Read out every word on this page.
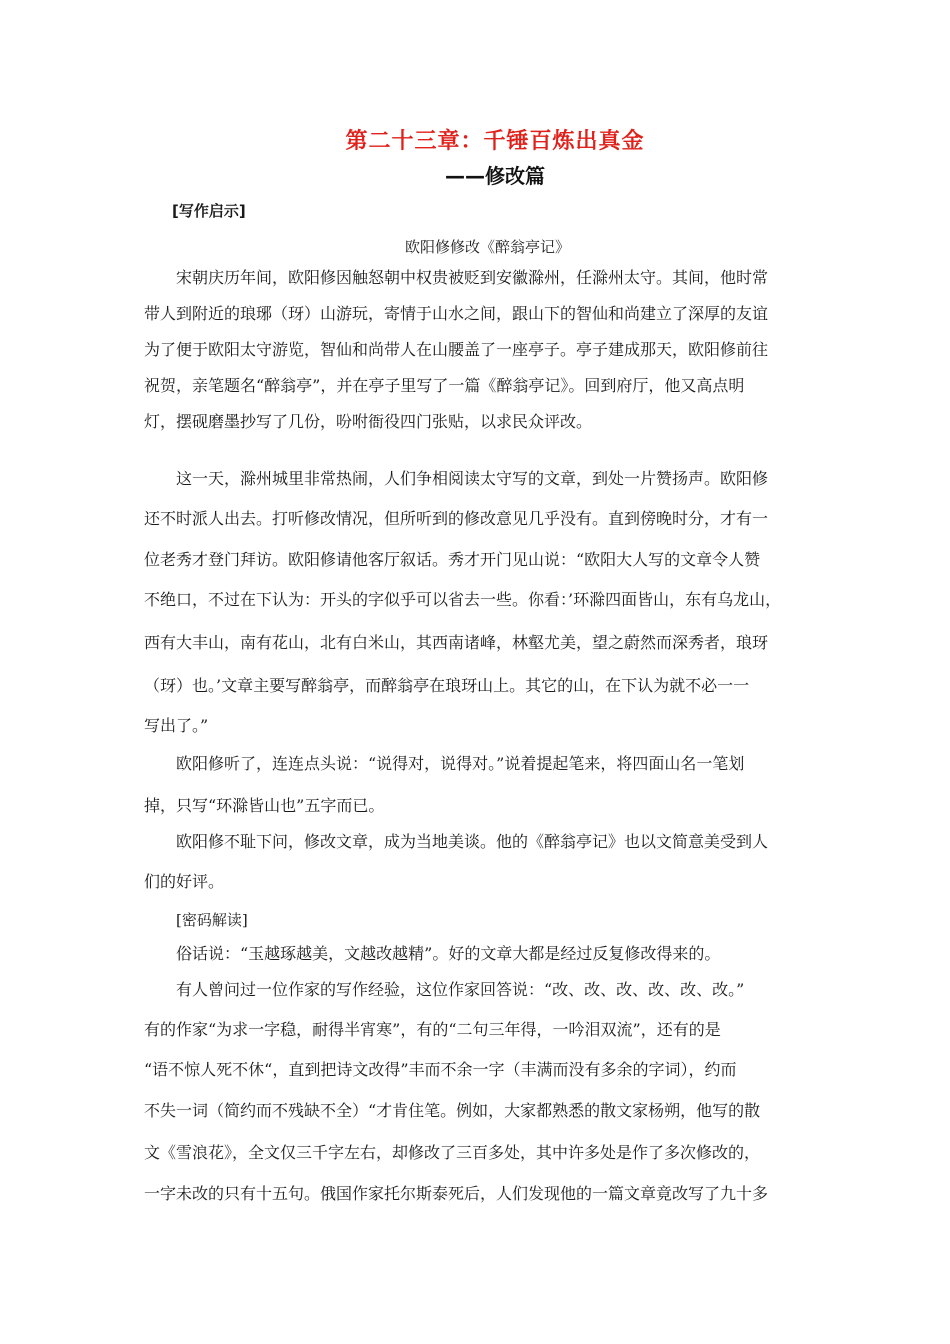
第二十三章：千锤百炼出真金
——修改篇
[写作启示]
欧阳修修改《醉翁亭记》
宋朝庆历年间，欧阳修因触怒朝中权贵被贬到安徽滁州，任滁州太守。其间，他时常
带人到附近的琅琊（玡）山游玩，寄情于山水之间，跟山下的智仙和尚建立了深厚的友谊
为了便于欧阳太守游览，智仙和尚带人在山腰盖了一座亭子。亭子建成那天，欧阳修前往
祝贺，亲笔题名“醉翁亭”，并在亭子里写了一篇《醉翁亭记》。回到府厅，他又高点明
灯，摆砚磨墨抄写了几份，吩咐衙役四门张贴，以求民众评改。
这一天，滁州城里非常热闹，人们争相阅读太守写的文章，到处一片赞扬声。欧阳修
还不时派人出去。打听修改情况，但所听到的修改意见几乎没有。直到傍晚时分，才有一
位老秀才登门拜访。欧阳修请他客厅叙话。秀才开门见山说：“欧阳大人写的文章令人赞
不绝口，不过在下认为：开头的字似乎可以省去一些。你看：’环滁四面皆山，东有乌龙山，
西有大丰山，南有花山，北有白米山，其西南诸峰，林壑尤美，望之蔚然而深秀者，琅玡
（玡）也。’文章主要写醉翁亭，而醉翁亭在琅玡山上。其它的山，在下认为就不必一一
写出了。”
欧阳修听了，连连点头说：“说得对，说得对。”说着提起笔来，将四面山名一笔划
掉，只写“环滁皆山也”五字而已。
欧阳修不耻下问，修改文章，成为当地美谈。他的《醉翁亭记》也以文简意美受到人
们的好评。
[密码解读]
俗话说：“玉越琢越美，文越改越精”。好的文章大都是经过反复修改得来的。
有人曾问过一位作家的写作经验，这位作家回答说：“改、改、改、改、改、改。”
有的作家“为求一字稳，耐得半宵寒”，有的“二句三年得，一吟泪双流”，还有的是
“语不惊人死不休“，直到把诗文改得”丰而不余一字（丰满而没有多余的字词），约而
不失一词（简约而不残缺不全）“才肯住笔。例如，大家都熟悉的散文家杨朔，他写的散
文《雪浪花》，全文仅三千字左右，却修改了三百多处，其中许多处是作了多次修改的，
一字未改的只有十五句。俄国作家托尔斯泰死后，人们发现他的一篇文章竟改写了九十多
